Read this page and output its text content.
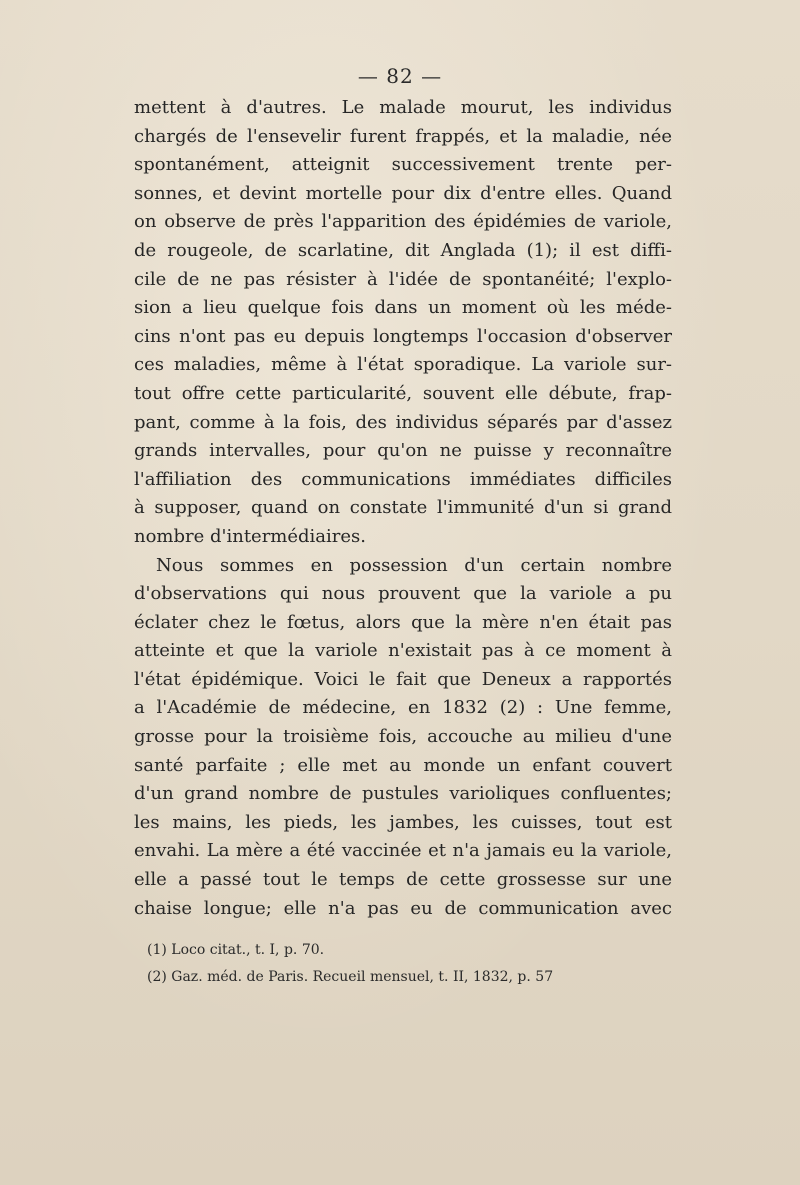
— 82 —
mettent à d'autres. Le malade mourut, les individus
chargés de l'ensevelir furent frappés, et la maladie, née
spontanément, atteignit successivement trente per-
sonnes, et devint mortelle pour dix d'entre elles. Quand
on observe de près l'apparition des épidémies de variole,
de rougeole, de scarlatine, dit Anglada (1); il est diffi-
cile de ne pas résister à l'idée de spontanéité; l'explo-
sion a lieu quelque fois dans un moment où les méde-
cins n'ont pas eu depuis longtemps l'occasion d'observer
ces maladies, même à l'état sporadique. La variole sur-
tout offre cette particularité, souvent elle débute, frap-
pant, comme à la fois, des individus séparés par d'assez
grands intervalles, pour qu'on ne puisse y reconnaître
l'affiliation des communications immédiates difficiles
à supposer, quand on constate l'immunité d'un si grand
nombre d'intermédiaires.
Nous sommes en possession d'un certain nombre
d'observations qui nous prouvent que la variole a pu
éclater chez le fœtus, alors que la mère n'en était pas
atteinte et que la variole n'existait pas à ce moment à
l'état épidémique. Voici le fait que Deneux a rapportés
a l'Académie de médecine, en 1832 (2) : Une femme,
grosse pour la troisième fois, accouche au milieu d'une
santé parfaite ; elle met au monde un enfant couvert
d'un grand nombre de pustules varioliques confluentes;
les mains, les pieds, les jambes, les cuisses, tout est
envahi. La mère a été vaccinée et n'a jamais eu la variole,
elle a passé tout le temps de cette grossesse sur une
chaise longue; elle n'a pas eu de communication avec
(1) Loco citat., t. I, p. 70.
(2) Gaz. méd. de Paris. Recueil mensuel, t. II, 1832, p. 57
